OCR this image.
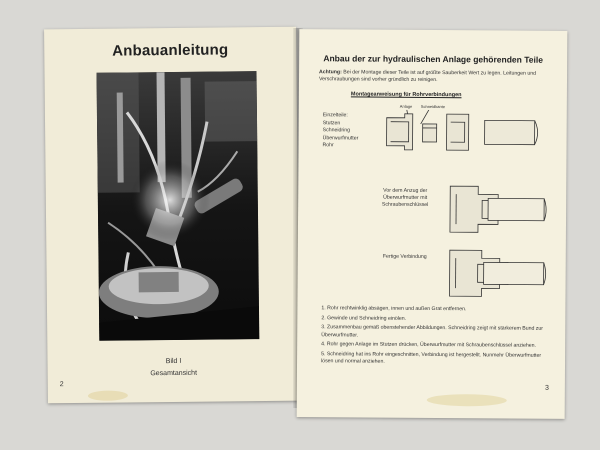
Anbauanleitung
Bild I
Gesamtansicht
2
Anbau der zur hydraulischen Anlage gehörenden Teile
Achtung: Bei der Montage dieser Teile ist auf größte Sauberkeit Wert zu legen. Leitungen und Verschraubungen sind vorher gründlich zu reinigen.
Montageanweisung für Rohrverbindungen
Einzelteile:
Stutzen
Schneidring
Überwurfmutter
Rohr
Anlage Schneidkante
Vor dem Anzug der Überwurfmutter mit Schraubenschlüssel
Fertige Verbindung
1. Rohr rechtwinklig absägen, innen und außen Grat entfernen.
2. Gewinde und Schneidring einölen.
3. Zusammenbau gemäß obenstehender Abbildungen. Schneidring zeigt mit stärkerem Bund zur Überwurfmutter.
4. Rohr gegen Anlage im Stutzen drücken, Überwurfmutter mit Schraubenschlüssel anziehen.
5. Schneidring hat ins Rohr eingeschnitten, Verbindung ist hergestellt. Nunmehr Überwurfmutter lösen und normal anziehen.
3
